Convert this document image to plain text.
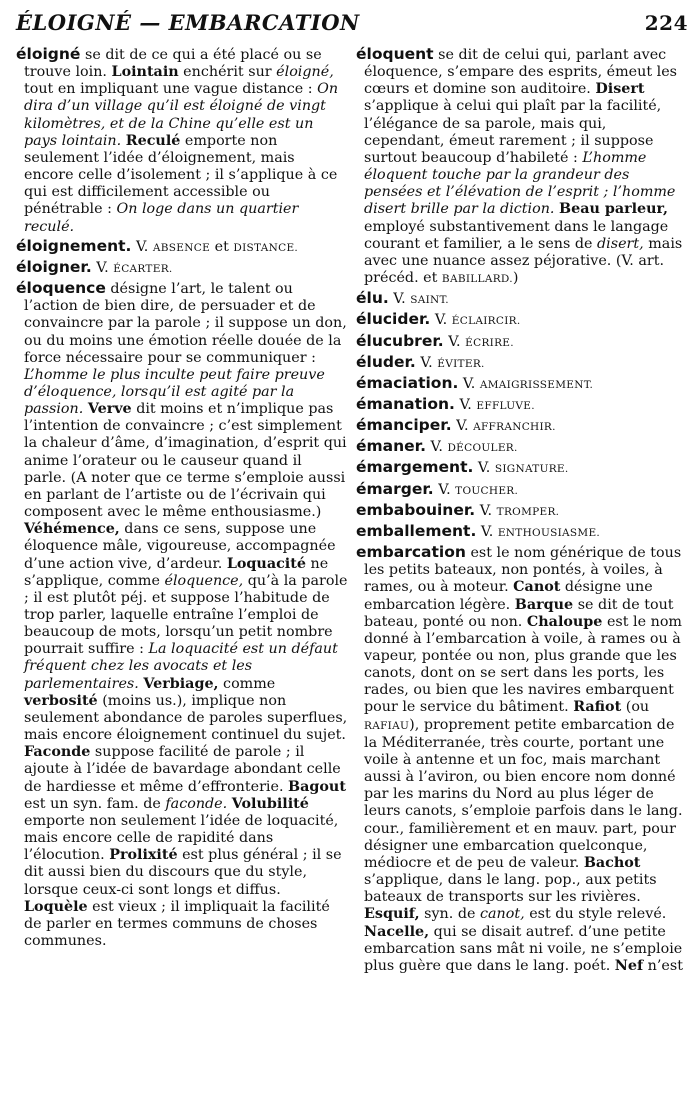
ÉLOIGNÉ — EMBARCATION	224

éloigné se dit de ce qui a été placé ou se trouve loin. Lointain enchérit sur éloigné, tout en impliquant une vague distance : On dira d’un village qu’il est éloigné de vingt kilomètres, et de la Chine qu’elle est un pays lointain. Reculé emporte non seulement l’idée d’éloignement, mais encore celle d’isolement ; il s’applique à ce qui est difficilement accessible ou pénétrable : On loge dans un quartier reculé.

éloignement. V. ABSENCE et DISTANCE.

éloigner. V. ÉCARTER.

éloquence désigne l’art, le talent ou l’action de bien dire, de persuader et de convaincre par la parole ; il suppose un don, ou du moins une émotion réelle douée de la force nécessaire pour se communiquer : L’homme le plus inculte peut faire preuve d’éloquence, lorsqu’il est agité par la passion. Verve dit moins et n’implique pas l’intention de convaincre ; c’est simplement la chaleur d’âme, d’imagination, d’esprit qui anime l’orateur ou le causeur quand il parle. (A noter que ce terme s’emploie aussi en parlant de l’artiste ou de l’écrivain qui composent avec le même enthousiasme.) Véhémence, dans ce sens, suppose une éloquence mâle, vigoureuse, accompagnée d’une action vive, d’ardeur. Loquacité ne s’applique, comme éloquence, qu’à la parole ; il est plutôt péj. et suppose l’habitude de trop parler, laquelle entraîne l’emploi de beaucoup de mots, lorsqu’un petit nombre pourrait suffire : La loquacité est un défaut fréquent chez les avocats et les parlementaires. Verbiage, comme verbosité (moins us.), implique non seulement abondance de paroles superflues, mais encore éloignement continuel du sujet. Faconde suppose facilité de parole ; il ajoute à l’idée de bavardage abondant celle de hardiesse et même d’effronterie. Bagout est un syn. fam. de faconde. Volubilité emporte non seulement l’idée de loquacité, mais encore celle de rapidité dans l’élocution. Prolixité est plus général ; il se dit aussi bien du discours que du style, lorsque ceux-ci sont longs et diffus. Loquèle est vieux ; il impliquait la facilité de parler en termes communs de choses communes.

éloquent se dit de celui qui, parlant avec éloquence, s’empare des esprits, émeut les cœurs et domine son auditoire. Disert s’applique à celui qui plaît par la facilité, l’élégance de sa parole, mais qui, cependant, émeut rarement ; il suppose surtout beaucoup d’habileté : L’homme éloquent touche par la grandeur des pensées et l’élévation de l’esprit ; l’homme disert brille par la diction. Beau parleur, employé substantivement dans le langage courant et familier, a le sens de disert, mais avec une nuance assez péjorative. (V. art. précéd. et BABILLARD.)

élu. V. SAINT.

élucider. V. ÉCLAIRCIR.

élucubrer. V. ÉCRIRE.

éluder. V. ÉVITER.

émaciation. V. AMAIGRISSEMENT.

émanation. V. EFFLUVE.

émanciper. V. AFFRANCHIR.

émaner. V. DÉCOULER.

émargement. V. SIGNATURE.

émarger. V. TOUCHER.

embabouiner. V. TROMPER.

emballement. V. ENTHOUSIASME.

embarcation est le nom générique de tous les petits bateaux, non pontés, à voiles, à rames, ou à moteur. Canot désigne une embarcation légère. Barque se dit de tout bateau, ponté ou non. Chaloupe est le nom donné à l’embarcation à voile, à rames ou à vapeur, pontée ou non, plus grande que les canots, dont on se sert dans les ports, les rades, ou bien que les navires embarquent pour le service du bâtiment. Rafiot (ou RAFIAU), proprement petite embarcation de la Méditerranée, très courte, portant une voile à antenne et un foc, mais marchant aussi à l’aviron, ou bien encore nom donné par les marins du Nord au plus léger de leurs canots, s’emploie parfois dans le lang. cour., familièrement et en mauv. part, pour désigner une embarcation quelconque, médiocre et de peu de valeur. Bachot s’applique, dans le lang. pop., aux petits bateaux de transports sur les rivières. Esquif, syn. de canot, est du style relevé. Nacelle, qui se disait autref. d’une petite embarcation sans mât ni voile, ne s’emploie plus guère que dans le lang. poét. Nef n’est
